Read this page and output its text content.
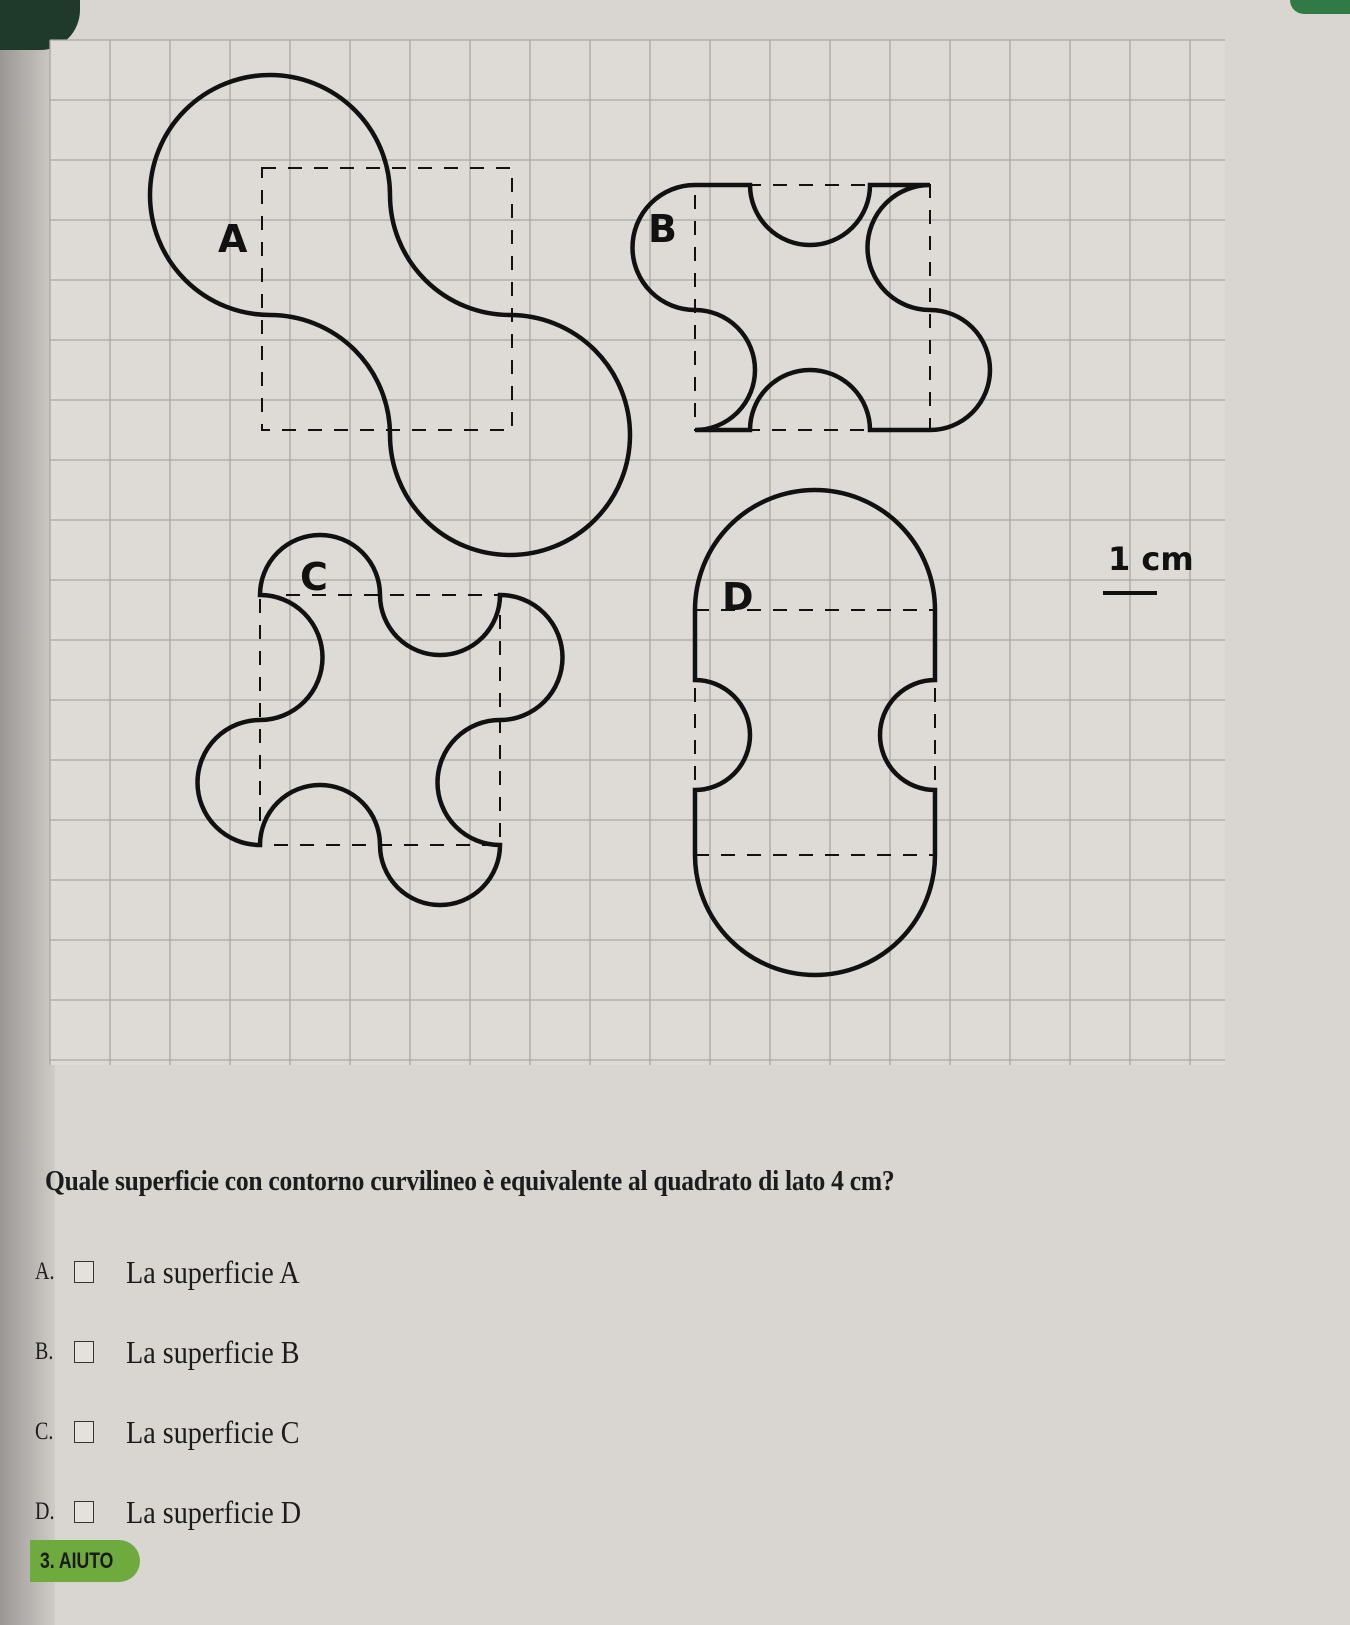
A	B
C	D
1 cm
Quale superficie con contorno curvilineo è equivalente al quadrato di lato 4 cm?
A.	La superficie A
B.	La superficie B
C.	La superficie C
D.	La superficie D
3. AIUTO
